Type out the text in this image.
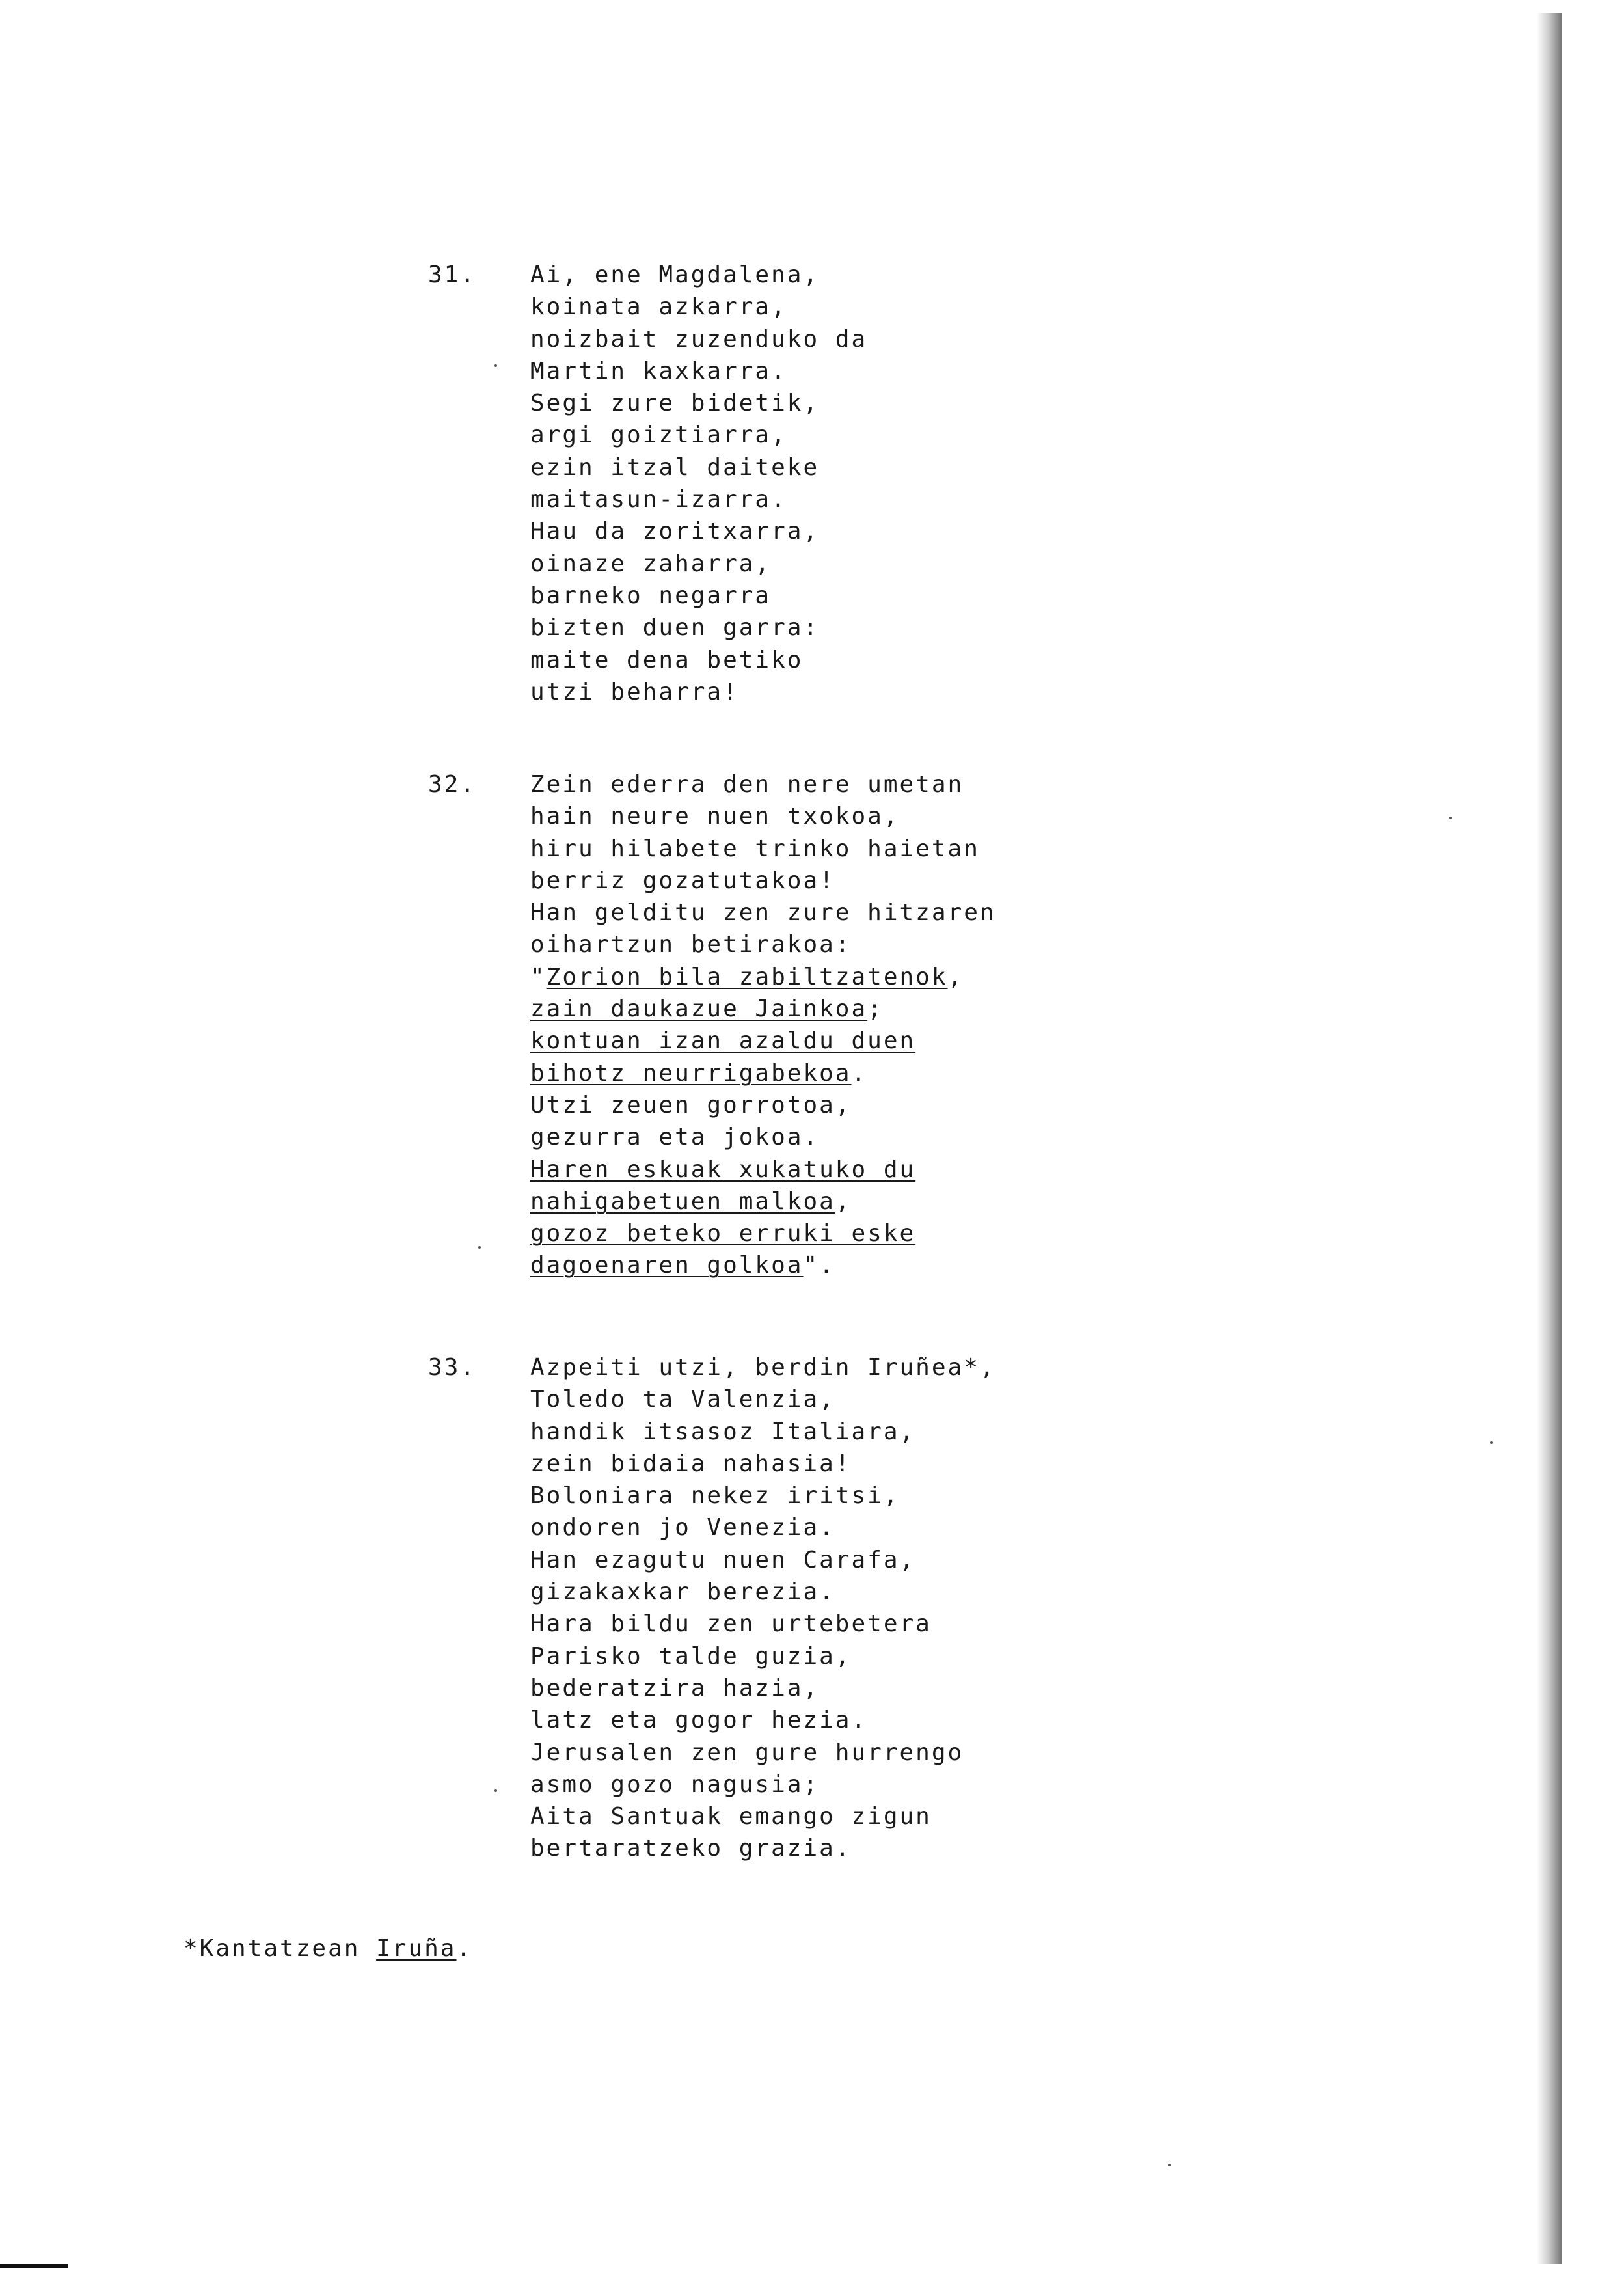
31. Ai, ene Magdalena,
koinata azkarra,
noizbait zuzenduko da
Martin kaxkarra.
Segi zure bidetik,
argi goiztiarra,
ezin itzal daiteke
maitasun-izarra.
Hau da zoritxarra,
oinaze zaharra,
barneko negarra
bizten duen garra:
maite dena betiko
utzi beharra!
32. Zein ederra den nere umetan
hain neure nuen txokoa,
hiru hilabete trinko haietan
berriz gozatutakoa!
Han gelditu zen zure hitzaren
oihartzun betirakoa:
"Zorion bila zabiltzatenok,
zain daukazue Jainkoa;
kontuan izan azaldu duen
bihotz neurrigabekoa.
Utzi zeuen gorrotoa,
gezurra eta jokoa.
Haren eskuak xukatuko du
nahigabetuen malkoa,
gozoz beteko erruki eske
dagoenaren golkoa".
33. Azpeiti utzi, berdin Iruñea*,
Toledo ta Valenzia,
handik itsasoz Italiara,
zein bidaia nahasia!
Boloniara nekez iritsi,
ondoren jo Venezia.
Han ezagutu nuen Carafa,
gizakaxkar berezia.
Hara bildu zen urtebetera
Parisko talde guzia,
bederatzira hazia,
latz eta gogor hezia.
Jerusalen zen gure hurrengo
asmo gozo nagusia;
Aita Santuak emango zigun
bertaratzeko grazia.
*Kantatzean Iruña.
